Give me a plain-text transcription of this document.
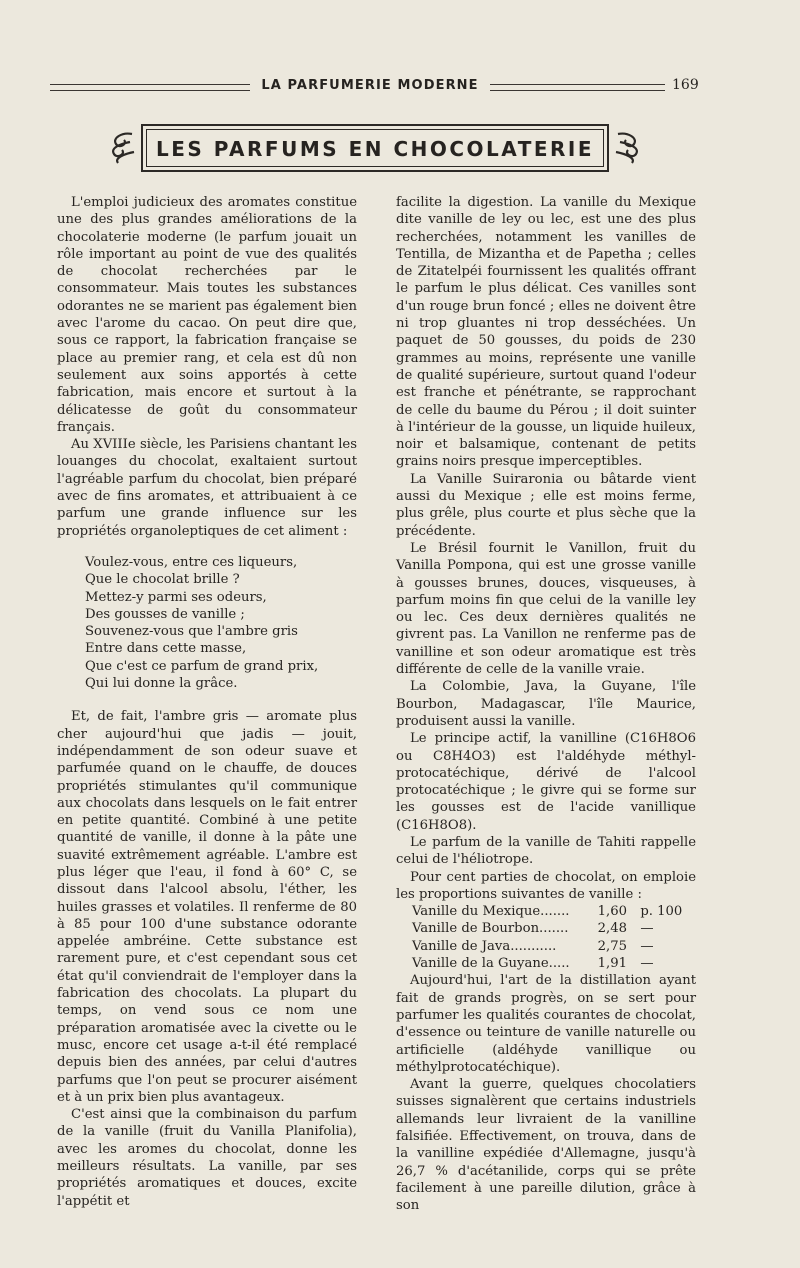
LA PARFUMERIE MODERNE	169
LES PARFUMS EN CHOCOLATERIE

L'emploi judicieux des aromates constitue une des plus grandes améliorations de la chocolaterie moderne (le parfum jouait un rôle important au point de vue des qualités de chocolat recherchées par le consommateur. Mais toutes les substances odorantes ne se marient pas également bien avec l'arome du cacao. On peut dire que, sous ce rapport, la fabrication française se place au premier rang, et cela est dû non seulement aux soins apportés à cette fabrication, mais encore et surtout à la délicatesse de goût du consommateur français.

Au XVIIIe siècle, les Parisiens chantant les louanges du chocolat, exaltaient surtout l'agréable parfum du chocolat, bien préparé avec de fins aromates, et attribuaient à ce parfum une grande influence sur les propriétés organoleptiques de cet aliment :

Voulez-vous, entre ces liqueurs,
Que le chocolat brille ?
Mettez-y parmi ses odeurs,
Des gousses de vanille ;
Souvenez-vous que l'ambre gris
Entre dans cette masse,
Que c'est ce parfum de grand prix,
Qui lui donne la grâce.

Et, de fait, l'ambre gris — aromate plus cher aujourd'hui que jadis — jouit, indépendamment de son odeur suave et parfumée quand on le chauffe, de douces propriétés stimulantes qu'il communique aux chocolats dans lesquels on le fait entrer en petite quantité. Combiné à une petite quantité de vanille, il donne à la pâte une suavité extrêmement agréable. L'ambre est plus léger que l'eau, il fond à 60° C, se dissout dans l'alcool absolu, l'éther, les huiles grasses et volatiles. Il renferme de 80 à 85 pour 100 d'une substance odorante appelée ambréine. Cette substance est rarement pure, et c'est cependant sous cet état qu'il conviendrait de l'employer dans la fabrication des chocolats. La plupart du temps, on vend sous ce nom une préparation aromatisée avec la civette ou le musc, encore cet usage a-t-il été remplacé depuis bien des années, par celui d'autres parfums que l'on peut se procurer aisément et à un prix bien plus avantageux.

C'est ainsi que la combinaison du parfum de la vanille (fruit du Vanilla Planifolia), avec les aromes du chocolat, donne les meilleurs résultats. La vanille, par ses propriétés aromatiques et douces, excite l'appétit et

facilite la digestion. La vanille du Mexique dite vanille de ley ou lec, est une des plus recherchées, notamment les vanilles de Tentilla, de Mizantha et de Papetha ; celles de Zitatelpéi fournissent les qualités offrant le parfum le plus délicat. Ces vanilles sont d'un rouge brun foncé ; elles ne doivent être ni trop gluantes ni trop desséchées. Un paquet de 50 gousses, du poids de 230 grammes au moins, représente une vanille de qualité supérieure, surtout quand l'odeur est franche et pénétrante, se rapprochant de celle du baume du Pérou ; il doit suinter à l'intérieur de la gousse, un liquide huileux, noir et balsamique, contenant de petits grains noirs presque imperceptibles.

La Vanille Suiraronia ou bâtarde vient aussi du Mexique ; elle est moins ferme, plus grêle, plus courte et plus sèche que la précédente.

Le Brésil fournit le Vanillon, fruit du Vanilla Pompona, qui est une grosse vanille à gousses brunes, douces, visqueuses, à parfum moins fin que celui de la vanille ley ou lec. Ces deux dernières qualités ne givrent pas. La Vanillon ne renferme pas de vanilline et son odeur aromatique est très différente de celle de la vanille vraie.

La Colombie, Java, la Guyane, l'île Bourbon, Madagascar, l'île Maurice, produisent aussi la vanille.

Le principe actif, la vanilline (C16H8O6 ou C8H4O3) est l'aldéhyde méthyl-protocatéchique, dérivé de l'alcool protocatéchique ; le givre qui se forme sur les gousses est de l'acide vanillique (C16H8O8).

Le parfum de la vanille de Tahiti rappelle celui de l'héliotrope.

Pour cent parties de chocolat, on emploie les proportions suivantes de vanille :

Vanille du Mexique.......	1,60	p. 100
Vanille de Bourbon.......	2,48	—
Vanille de Java...........	2,75	—
Vanille de la Guyane.....	1,91	—

Aujourd'hui, l'art de la distillation ayant fait de grands progrès, on se sert pour parfumer les qualités courantes de chocolat, d'essence ou teinture de vanille naturelle ou artificielle (aldéhyde vanillique ou méthylprotocatéchique).

Avant la guerre, quelques chocolatiers suisses signalèrent que certains industriels allemands leur livraient de la vanilline falsifiée. Effectivement, on trouva, dans de la vanilline expédiée d'Allemagne, jusqu'à 26,7 % d'acétanilide, corps qui se prête facilement à une pareille dilution, grâce à son
